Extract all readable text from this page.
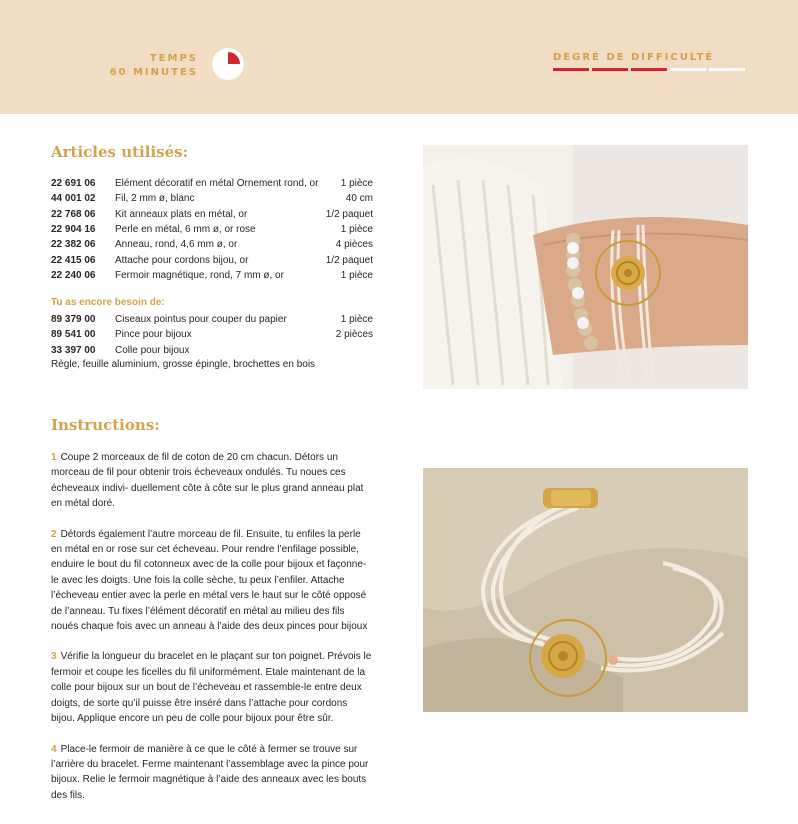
TEMPS
60 MINUTES
DEGRÉ DE DIFFICULTÉ
Articles utilisés:
22 691 06	Elément décoratif en métal Ornement rond, or	1 pièce
44 001 02	Fil, 2 mm ø, blanc	40 cm
22 768 06	Kit anneaux plats en métal, or	1/2 paquet
22 904 16	Perle en métal, 6 mm ø, or rose	1 pièce
22 382 06	Anneau, rond, 4,6 mm ø, or	4 pièces
22 415 06	Attache pour cordons bijou, or	1/2 paquet
22 240 06	Fermoir magnétique, rond, 7 mm ø, or	1 pièce
Tu as encore besoin de:
89 379 00	Ciseaux pointus pour couper du papier	1 pièce
89 541 00	Pince pour bijoux	2 pièces
33 397 00	Colle pour bijoux	
Règle, feuille aluminium, grosse épingle, brochettes en bois
Instructions:
1 Coupe 2 morceaux de fil de coton de 20 cm chacun. Détors un morceau de fil pour obtenir trois écheveaux ondulés. Tu noues ces écheveaux indivi- duellement côte à côte sur le plus grand anneau plat en métal doré.
2 Détords également l’autre morceau de fil. Ensuite, tu enfiles la perle en métal en or rose sur cet écheveau. Pour rendre l’enfilage possible, enduire le bout du fil cotonneux avec de la colle pour bijoux et façonne-le avec les doigts. Une fois la colle sèche, tu peux l’enfiler. Attache l’écheveau entier avec la perle en métal vers le haut sur le côté opposé de l’anneau. Tu fixes l’élément décoratif en métal au milieu des fils noués chaque fois avec un anneau à l’aide des deux pinces pour bijoux
3 Vérifie la longueur du bracelet en le plaçant sur ton poignet. Prévois le fermoir et coupe les ficelles du fil uniformément. Etale maintenant de la colle pour bijoux sur un bout de l’écheveau et rassemble-le entre deux doigts, de sorte qu’il puisse être inséré dans l’attache pour cordons bijou. Applique encore un peu de colle pour bijoux pour être sûr.
4 Place-le fermoir de manière à ce que le côté à fermer se trouve sur l’arrière du bracelet. Ferme maintenant l’assemblage avec la pince pour bijoux. Relie le fermoir magnétique à l’aide des anneaux avec les bouts des fils.
